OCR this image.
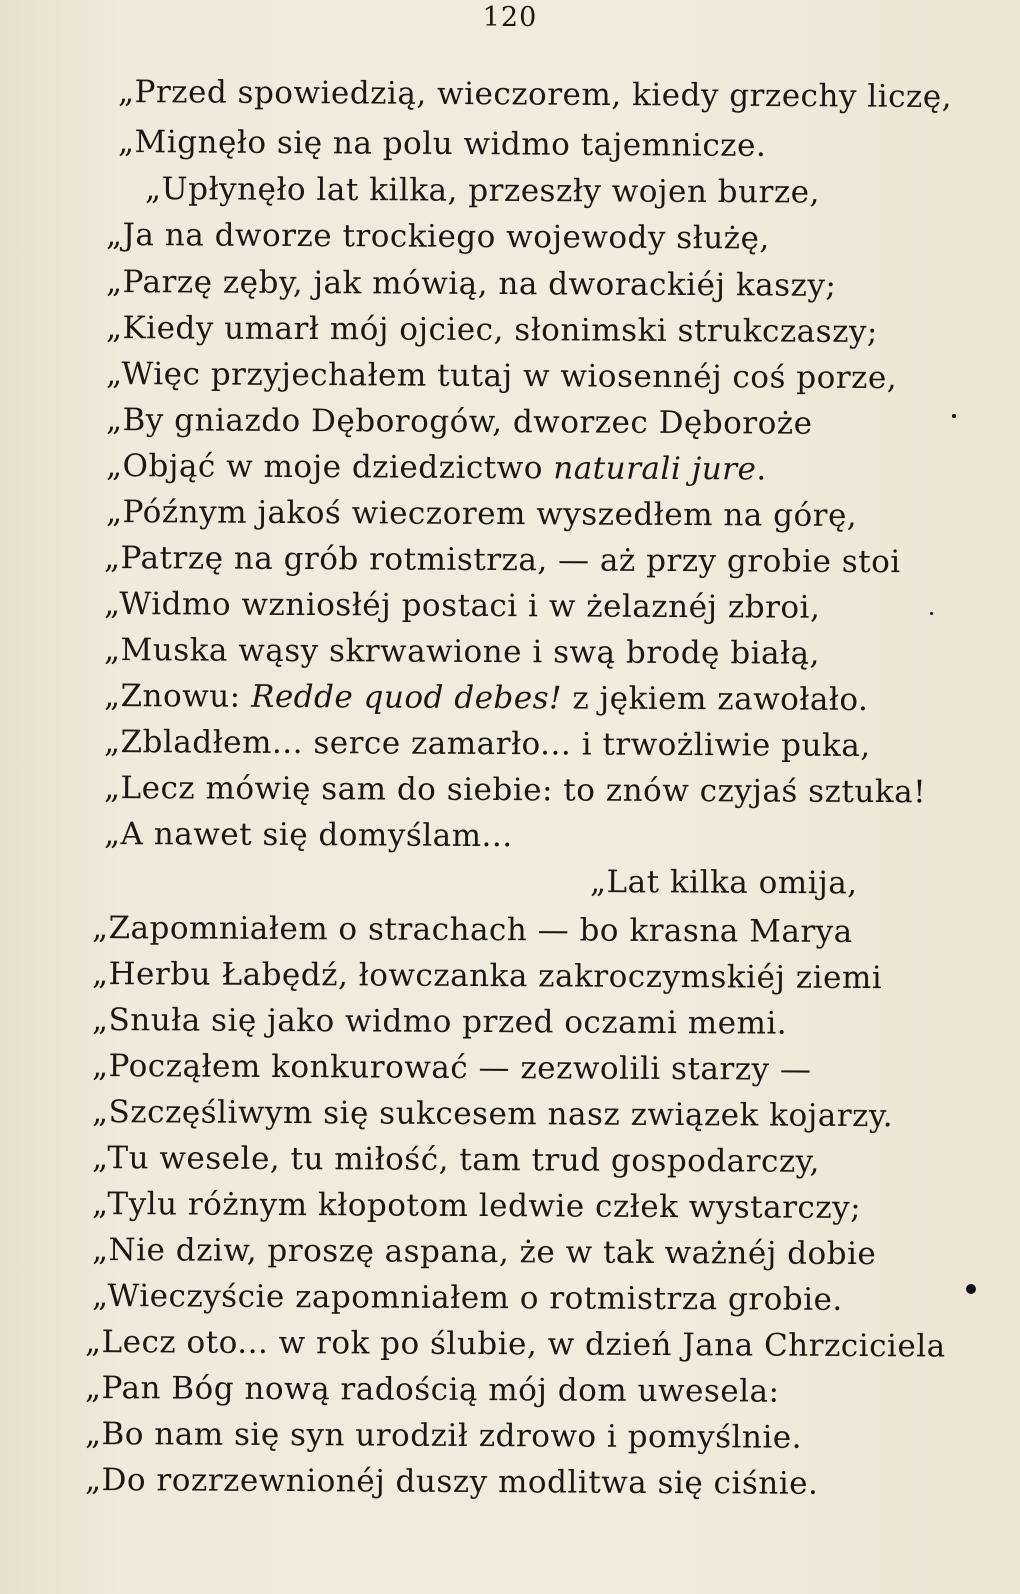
120
„Przed spowiedzią, wieczorem, kiedy grzechy liczę,
„Mignęło się na polu widmo tajemnicze.
„Upłynęło lat kilka, przeszły wojen burze,
„Ja na dworze trockiego wojewody służę,
„Parzę zęby, jak mówią, na dworackiéj kaszy;
„Kiedy umarł mój ojciec, słonimski strukczaszy;
„Więc przyjechałem tutaj w wiosennéj coś porze,
„By gniazdo Dęborogów, dworzec Dęboroże
„Objąć w moje dziedzictwo naturali jure.
„Późnym jakoś wieczorem wyszedłem na górę,
„Patrzę na grób rotmistrza, — aż przy grobie stoi
„Widmo wzniosłéj postaci i w żelaznéj zbroi,
„Muska wąsy skrwawione i swą brodę białą,
„Znowu: Redde quod debes! z jękiem zawołało.
„Zbladłem... serce zamarło... i trwożliwie puka,
„Lecz mówię sam do siebie: to znów czyjaś sztuka!
„A nawet się domyślam...
„Lat kilka omija,
„Zapomniałem o strachach — bo krasna Marya
„Herbu Łabędź, łowczanka zakroczymskiéj ziemi
„Snuła się jako widmo przed oczami memi.
„Począłem konkurować — zezwolili starzy —
„Szczęśliwym się sukcesem nasz związek kojarzy.
„Tu wesele, tu miłość, tam trud gospodarczy,
„Tylu różnym kłopotom ledwie człek wystarczy;
„Nie dziw, proszę aspana, że w tak ważnéj dobie
„Wieczyście zapomniałem o rotmistrza grobie.
„Lecz oto... w rok po ślubie, w dzień Jana Chrzciciela
„Pan Bóg nową radością mój dom uwesela:
„Bo nam się syn urodził zdrowo i pomyślnie.
„Do rozrzewnionéj duszy modlitwa się ciśnie.
